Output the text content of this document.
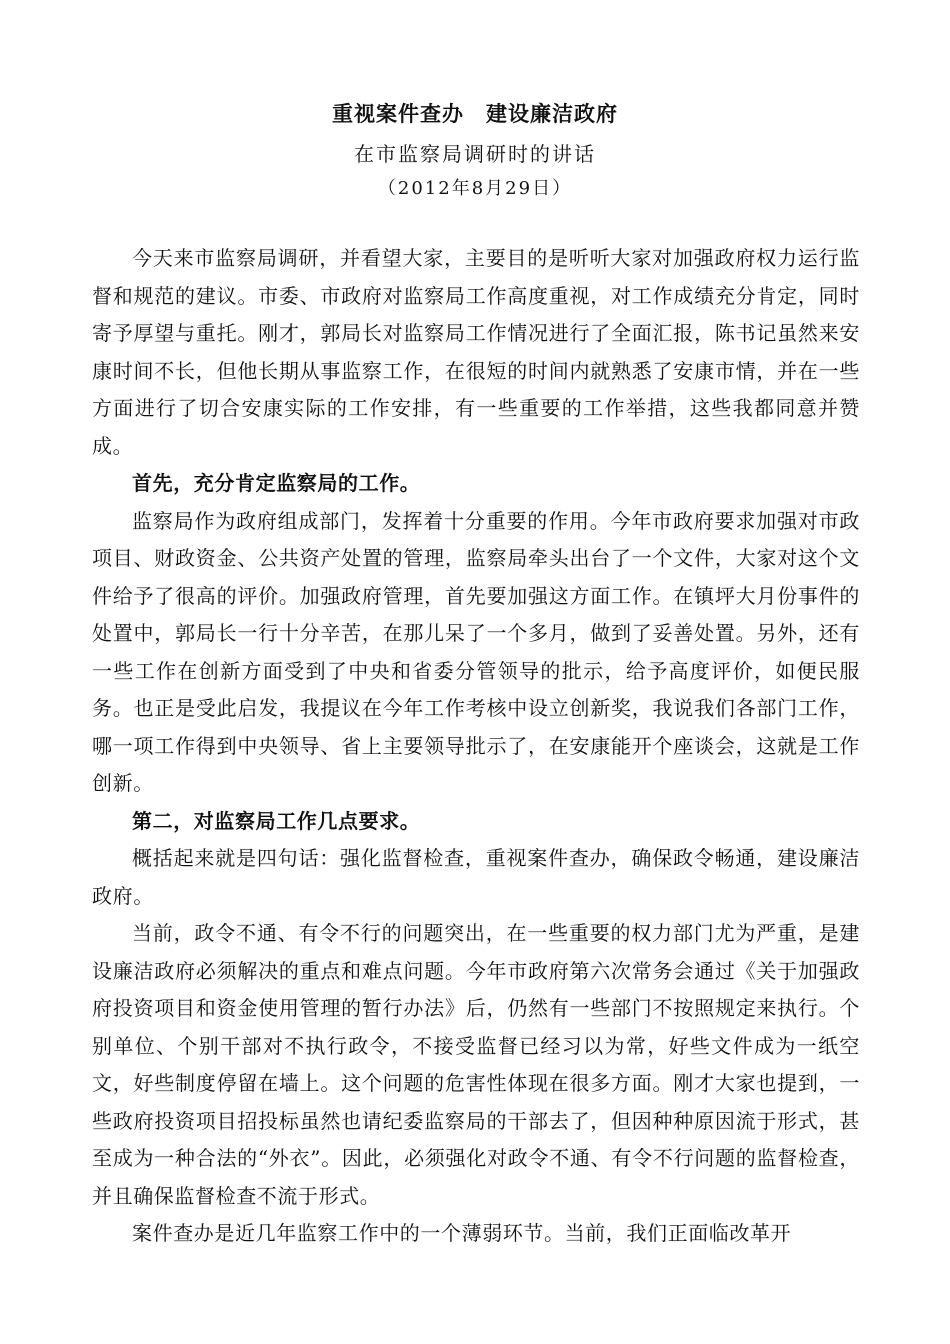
重视案件查办 建设廉洁政府
在市监察局调研时的讲话
（2012年8月29日）

今天来市监察局调研，并看望大家，主要目的是听听大家对加强政府权力运行监督和规范的建议。市委、市政府对监察局工作高度重视，对工作成绩充分肯定，同时寄予厚望与重托。刚才，郭局长对监察局工作情况进行了全面汇报，陈书记虽然来安康时间不长，但他长期从事监察工作，在很短的时间内就熟悉了安康市情，并在一些方面进行了切合安康实际的工作安排，有一些重要的工作举措，这些我都同意并赞成。

首先，充分肯定监察局的工作。

监察局作为政府组成部门，发挥着十分重要的作用。今年市政府要求加强对市政项目、财政资金、公共资产处置的管理，监察局牵头出台了一个文件，大家对这个文件给予了很高的评价。加强政府管理，首先要加强这方面工作。在镇坪大月份事件的处置中，郭局长一行十分辛苦，在那儿呆了一个多月，做到了妥善处置。另外，还有一些工作在创新方面受到了中央和省委分管领导的批示，给予高度评价，如便民服务。也正是受此启发，我提议在今年工作考核中设立创新奖，我说我们各部门工作，哪一项工作得到中央领导、省上主要领导批示了，在安康能开个座谈会，这就是工作创新。

第二，对监察局工作几点要求。

概括起来就是四句话：强化监督检查，重视案件查办，确保政令畅通，建设廉洁政府。

当前，政令不通、有令不行的问题突出，在一些重要的权力部门尤为严重，是建设廉洁政府必须解决的重点和难点问题。今年市政府第六次常务会通过《关于加强政府投资项目和资金使用管理的暂行办法》后，仍然有一些部门不按照规定来执行。个别单位、个别干部对不执行政令，不接受监督已经习以为常，好些文件成为一纸空文，好些制度停留在墙上。这个问题的危害性体现在很多方面。刚才大家也提到，一些政府投资项目招投标虽然也请纪委监察局的干部去了，但因种种原因流于形式，甚至成为一种合法的“外衣”。因此，必须强化对政令不通、有令不行问题的监督检查，并且确保监督检查不流于形式。

案件查办是近几年监察工作中的一个薄弱环节。当前，我们正面临改革开
